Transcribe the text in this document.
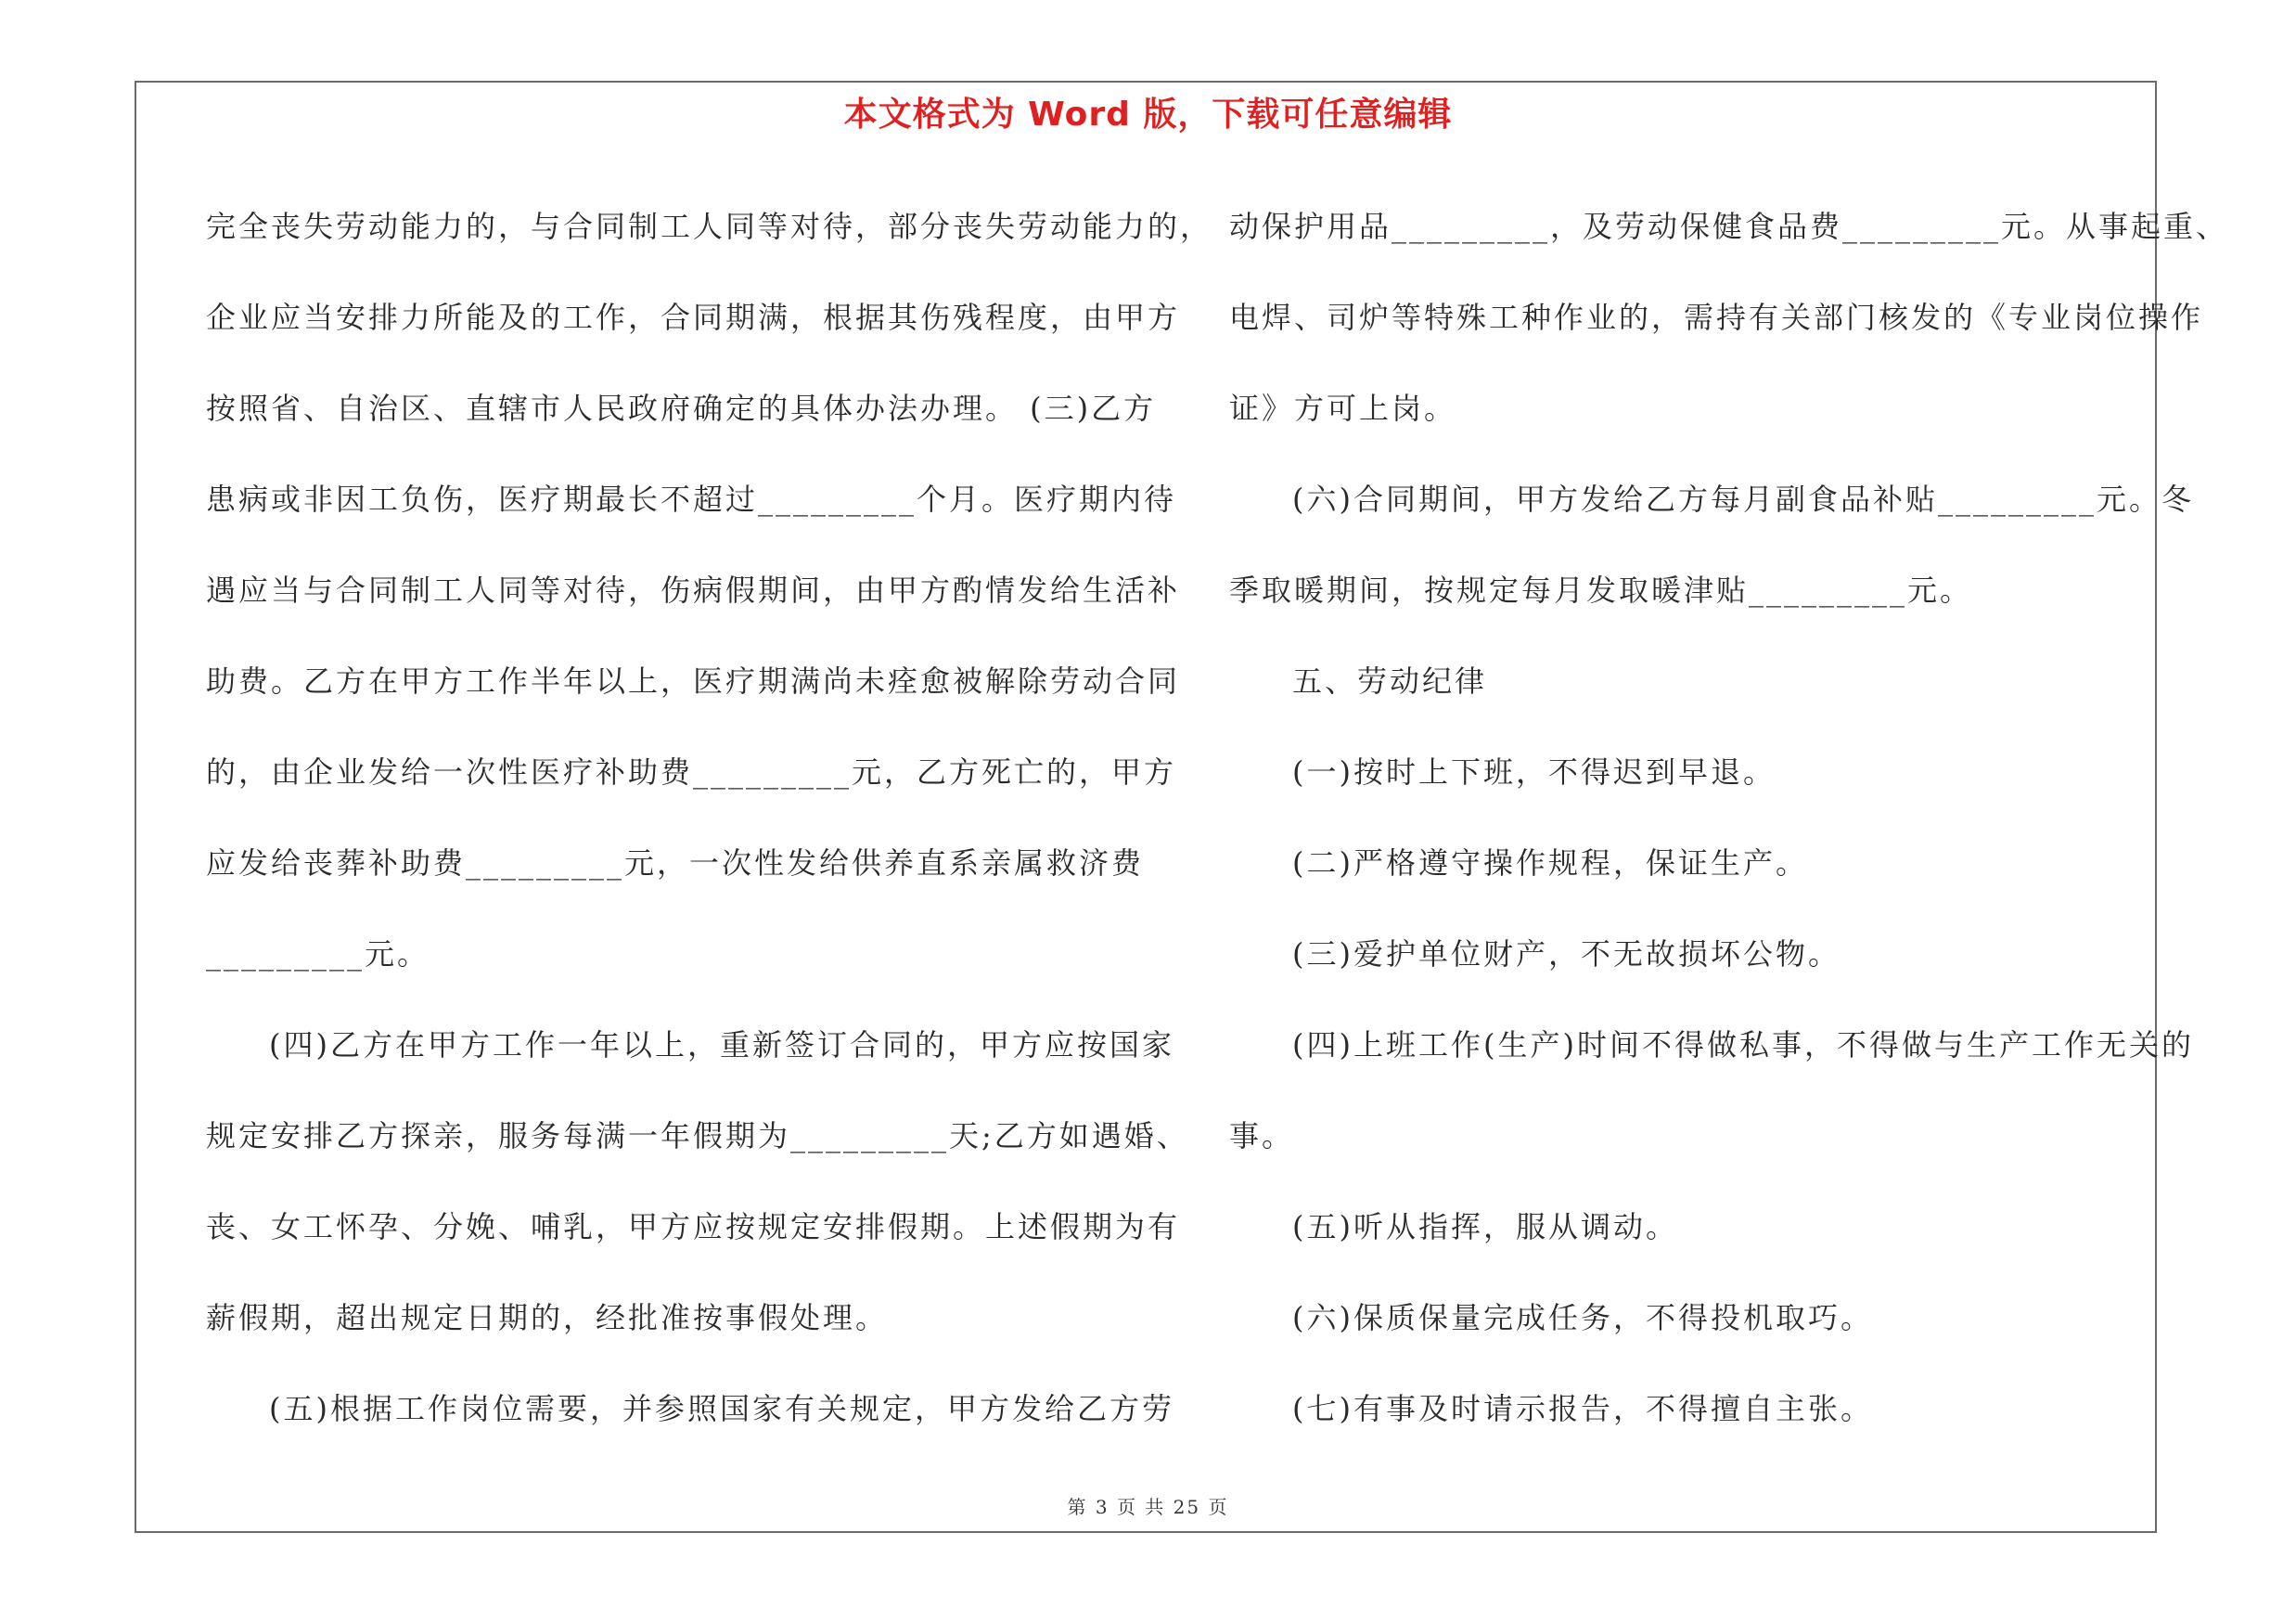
本文格式为 Word 版，下载可任意编辑
完全丧失劳动能力的，与合同制工人同等对待，部分丧失劳动能力的，
企业应当安排力所能及的工作，合同期满，根据其伤残程度，由甲方
按照省、自治区、直辖市人民政府确定的具体办法办理。 (三)乙方
患病或非因工负伤，医疗期最长不超过_________个月。医疗期内待
遇应当与合同制工人同等对待，伤病假期间，由甲方酌情发给生活补
助费。乙方在甲方工作半年以上，医疗期满尚未痊愈被解除劳动合同
的，由企业发给一次性医疗补助费_________元，乙方死亡的，甲方
应发给丧葬补助费_________元，一次性发给供养直系亲属救济费
_________元。
(四)乙方在甲方工作一年以上，重新签订合同的，甲方应按国家
规定安排乙方探亲，服务每满一年假期为_________天;乙方如遇婚、
丧、女工怀孕、分娩、哺乳，甲方应按规定安排假期。上述假期为有
薪假期，超出规定日期的，经批准按事假处理。
(五)根据工作岗位需要，并参照国家有关规定，甲方发给乙方劳
动保护用品_________，及劳动保健食品费_________元。从事起重、
电焊、司炉等特殊工种作业的，需持有关部门核发的《专业岗位操作
证》方可上岗。
(六)合同期间，甲方发给乙方每月副食品补贴_________元。冬
季取暖期间，按规定每月发取暖津贴_________元。
五、劳动纪律
(一)按时上下班，不得迟到早退。
(二)严格遵守操作规程，保证生产。
(三)爱护单位财产，不无故损坏公物。
(四)上班工作(生产)时间不得做私事，不得做与生产工作无关的
事。
(五)听从指挥，服从调动。
(六)保质保量完成任务，不得投机取巧。
(七)有事及时请示报告，不得擅自主张。
第 3 页 共 25 页
